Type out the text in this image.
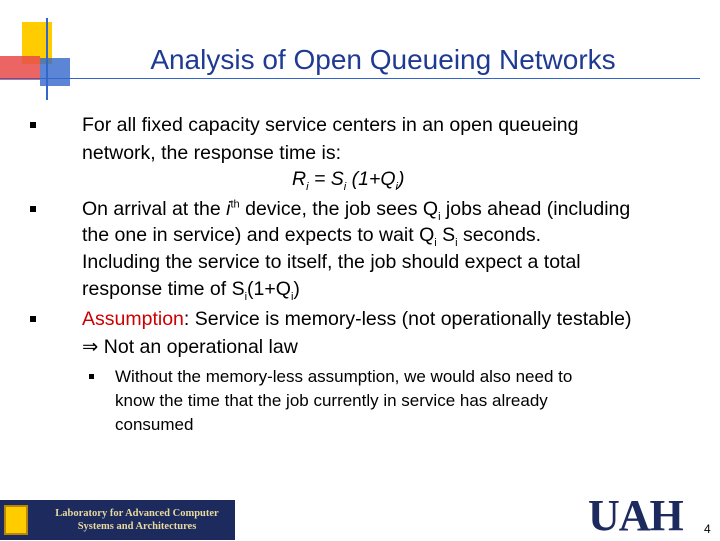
Analysis of Open Queueing Networks
For all fixed capacity service centers in an open queueing
network, the response time is:
$R_i = S_i$ $(1+Q_i)$
On arrival at the $i^{th}$ device, the job sees $Q_i$ jobs ahead (including
the one in service) and expects to wait $Q_i$ $S_i$ seconds.
Including the service to itself, the job should expect a total
response time of $S_i(1+Q_i)$
Assumption: Service is memory-less (not operationally testable)
⇒ Not an operational law
Without the memory-less assumption, we would also need to
know the time that the job currently in service has already
consumed
Laboratory for Advanced Computer
Systems and Architectures	UAH 4
